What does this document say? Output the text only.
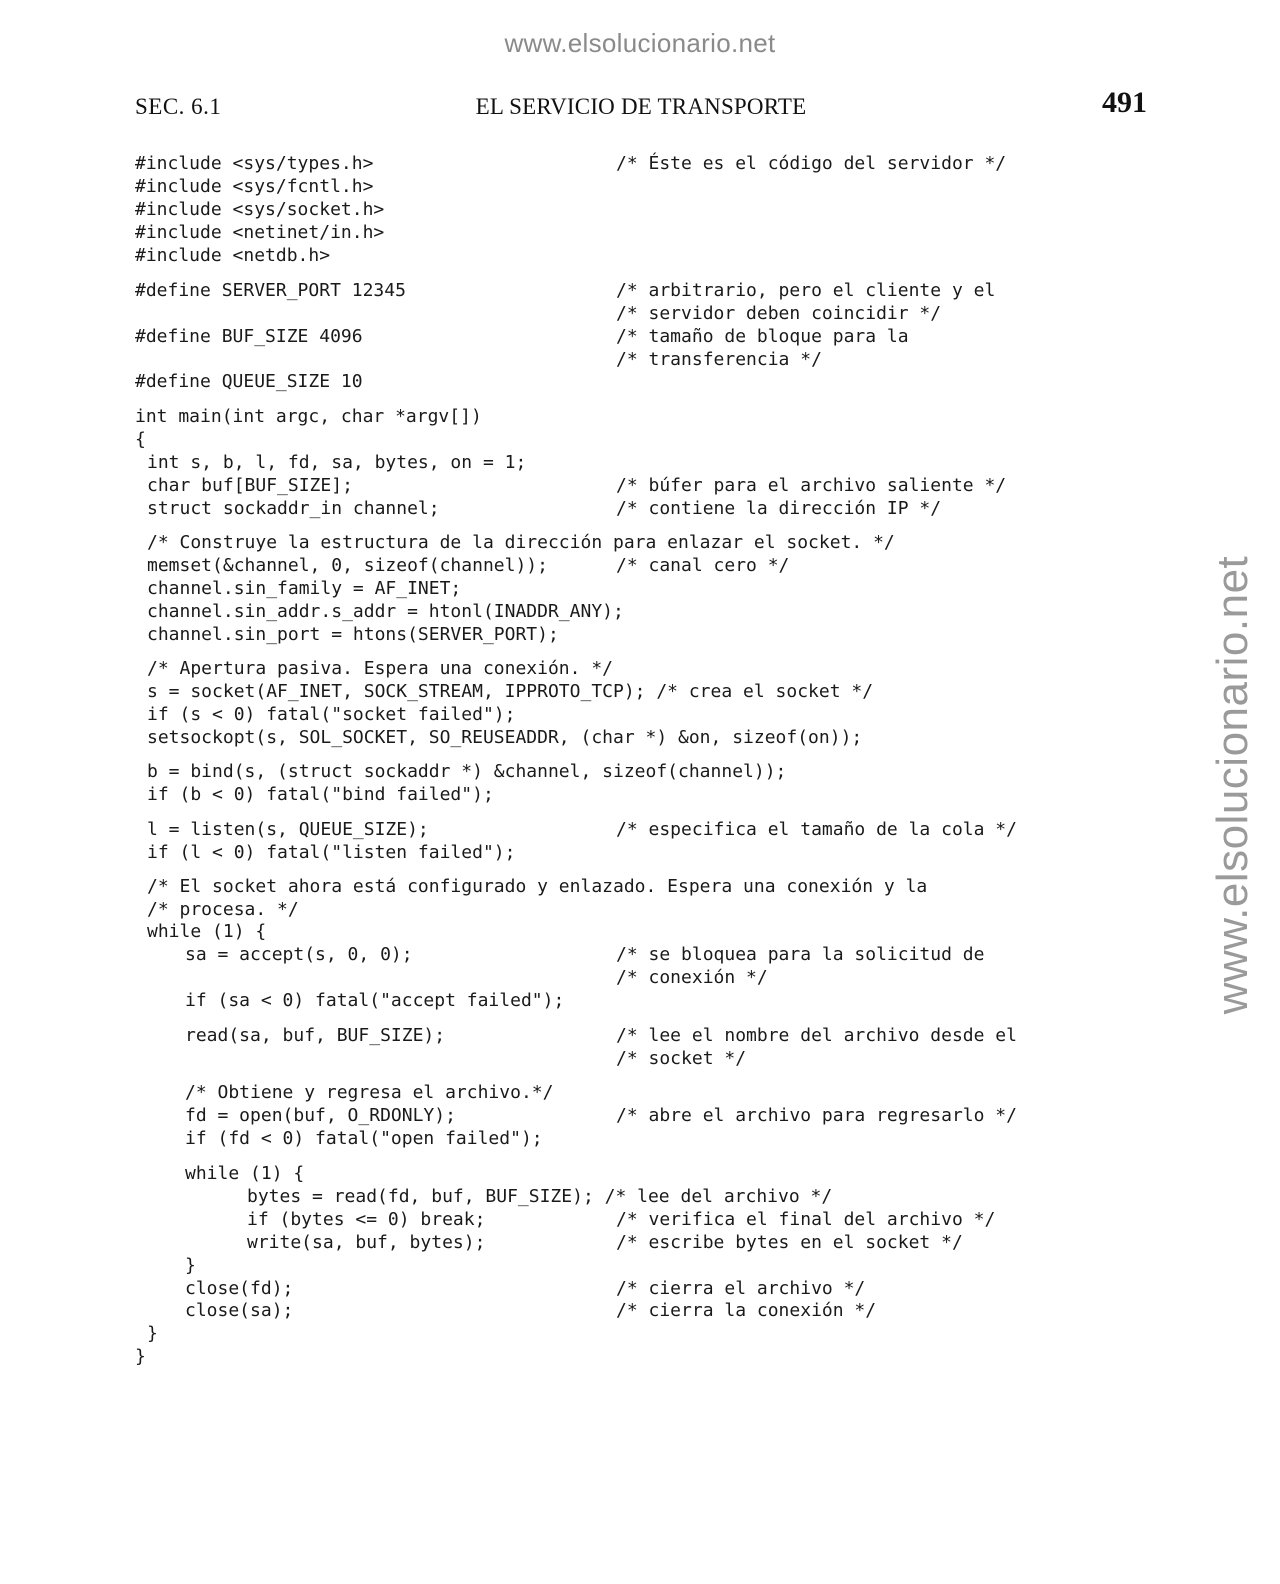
www.elsolucionario.net
www.elsolucionario.net
SEC. 6.1	EL SERVICIO DE TRANSPORTE	491
#include <sys/types.h>	/* Éste es el código del servidor */
#include <sys/fcntl.h>
#include <sys/socket.h>
#include <netinet/in.h>
#include <netdb.h>
#define SERVER_PORT 12345	/* arbitrario, pero el cliente y el
/* servidor deben coincidir */
#define BUF_SIZE 4096	/* tamaño de bloque para la
/* transferencia */
#define QUEUE_SIZE 10
int main(int argc, char *argv[])
{
int s, b, l, fd, sa, bytes, on = 1;
char buf[BUF_SIZE];	/* búfer para el archivo saliente */
struct sockaddr_in channel;	/* contiene la dirección IP */
/* Construye la estructura de la dirección para enlazar el socket. */
memset(&channel, 0, sizeof(channel));	/* canal cero */
channel.sin_family = AF_INET;
channel.sin_addr.s_addr = htonl(INADDR_ANY);
channel.sin_port = htons(SERVER_PORT);
/* Apertura pasiva. Espera una conexión. */
s = socket(AF_INET, SOCK_STREAM, IPPROTO_TCP); /* crea el socket */
if (s < 0) fatal("socket failed");
setsockopt(s, SOL_SOCKET, SO_REUSEADDR, (char *) &on, sizeof(on));
b = bind(s, (struct sockaddr *) &channel, sizeof(channel));
if (b < 0) fatal("bind failed");
l = listen(s, QUEUE_SIZE);	/* especifica el tamaño de la cola */
if (l < 0) fatal("listen failed");
/* El socket ahora está configurado y enlazado. Espera una conexión y la
/* procesa. */
while (1) {
sa = accept(s, 0, 0);	/* se bloquea para la solicitud de
/* conexión */
if (sa < 0) fatal("accept failed");
read(sa, buf, BUF_SIZE);	/* lee el nombre del archivo desde el
/* socket */
/* Obtiene y regresa el archivo.*/
fd = open(buf, O_RDONLY);	/* abre el archivo para regresarlo */
if (fd < 0) fatal("open failed");
while (1) {
bytes = read(fd, buf, BUF_SIZE); /* lee del archivo */
if (bytes <= 0) break;	/* verifica el final del archivo */
write(sa, buf, bytes);	/* escribe bytes en el socket */
}
close(fd);	/* cierra el archivo */
close(sa);	/* cierra la conexión */
}
}
